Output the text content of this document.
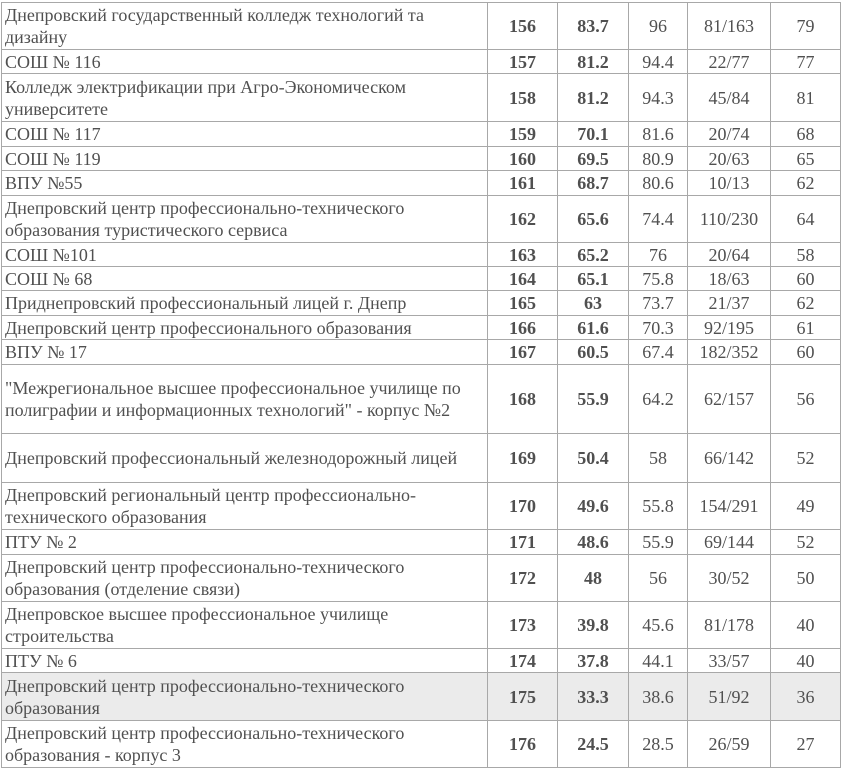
Днепровский государственный колледж технологий та дизайну	156	83.7	96	81/163	79
СОШ № 116	157	81.2	94.4	22/77	77
Колледж электрификации при Агро-Экономическом университете	158	81.2	94.3	45/84	81
СОШ № 117	159	70.1	81.6	20/74	68
СОШ № 119	160	69.5	80.9	20/63	65
ВПУ №55	161	68.7	80.6	10/13	62
Днепровский центр профессионально-технического образования туристического сервиса	162	65.6	74.4	110/230	64
СОШ №101	163	65.2	76	20/64	58
СОШ № 68	164	65.1	75.8	18/63	60
Приднепровский профессиональный лицей г. Днепр	165	63	73.7	21/37	62
Днепровский центр профессионального образования	166	61.6	70.3	92/195	61
ВПУ № 17	167	60.5	67.4	182/352	60
"Межрегиональное высшее профессиональное училище по полиграфии и информационных технологий" - корпус №2	168	55.9	64.2	62/157	56
Днепровский профессиональный железнодорожный лицей	169	50.4	58	66/142	52
Днепровский региональный центр профессионально-технического образования	170	49.6	55.8	154/291	49
ПТУ № 2	171	48.6	55.9	69/144	52
Днепровский центр профессионально-технического образования (отделение связи)	172	48	56	30/52	50
Днепровское высшее профессиональное училище строительства	173	39.8	45.6	81/178	40
ПТУ № 6	174	37.8	44.1	33/57	40
Днепровский центр профессионально-технического образования	175	33.3	38.6	51/92	36
Днепровский центр профессионально-технического образования - корпус 3	176	24.5	28.5	26/59	27
